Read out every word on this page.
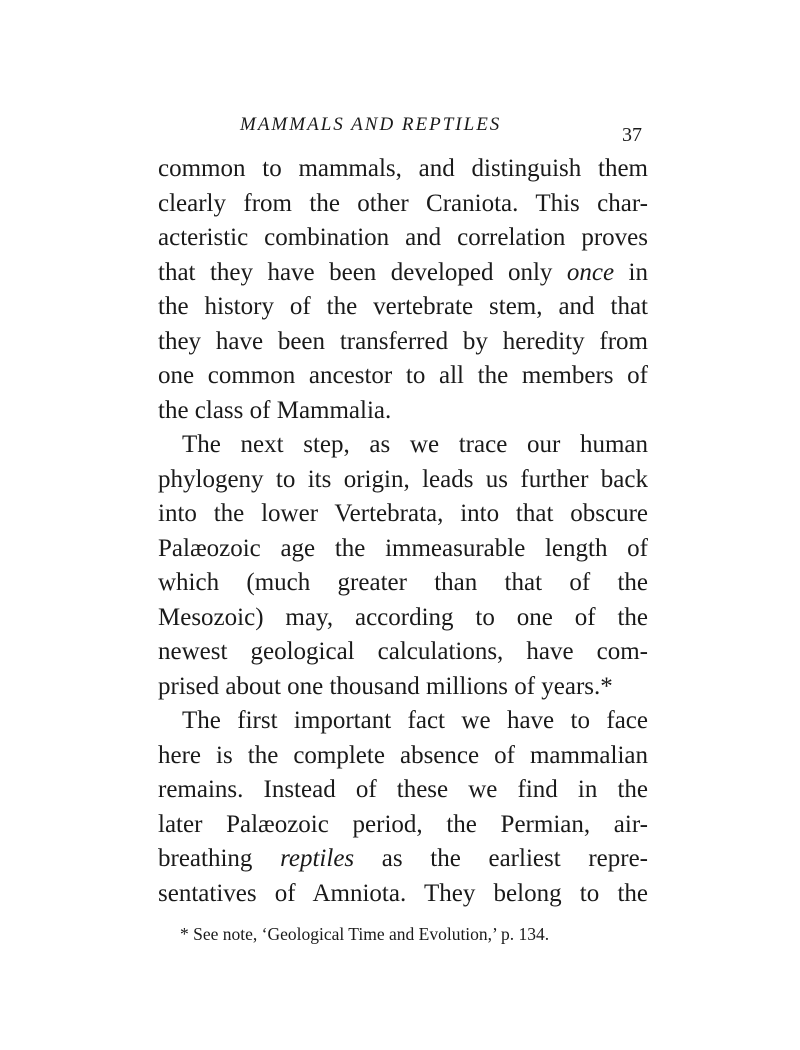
MAMMALS AND REPTILES	37
common to mammals, and distinguish them
clearly from the other Craniota. This char-
acteristic combination and correlation proves
that they have been developed only once in
the history of the vertebrate stem, and that
they have been transferred by heredity from
one common ancestor to all the members of
the class of Mammalia.
The next step, as we trace our human
phylogeny to its origin, leads us further back
into the lower Vertebrata, into that obscure
Palæozoic age the immeasurable length of
which (much greater than that of the
Mesozoic) may, according to one of the
newest geological calculations, have com-
prised about one thousand millions of years.*
The first important fact we have to face
here is the complete absence of mammalian
remains. Instead of these we find in the
later Palæozoic period, the Permian, air-
breathing reptiles as the earliest repre-
sentatives of Amniota. They belong to the
* See note, ‘Geological Time and Evolution,’ p. 134.
